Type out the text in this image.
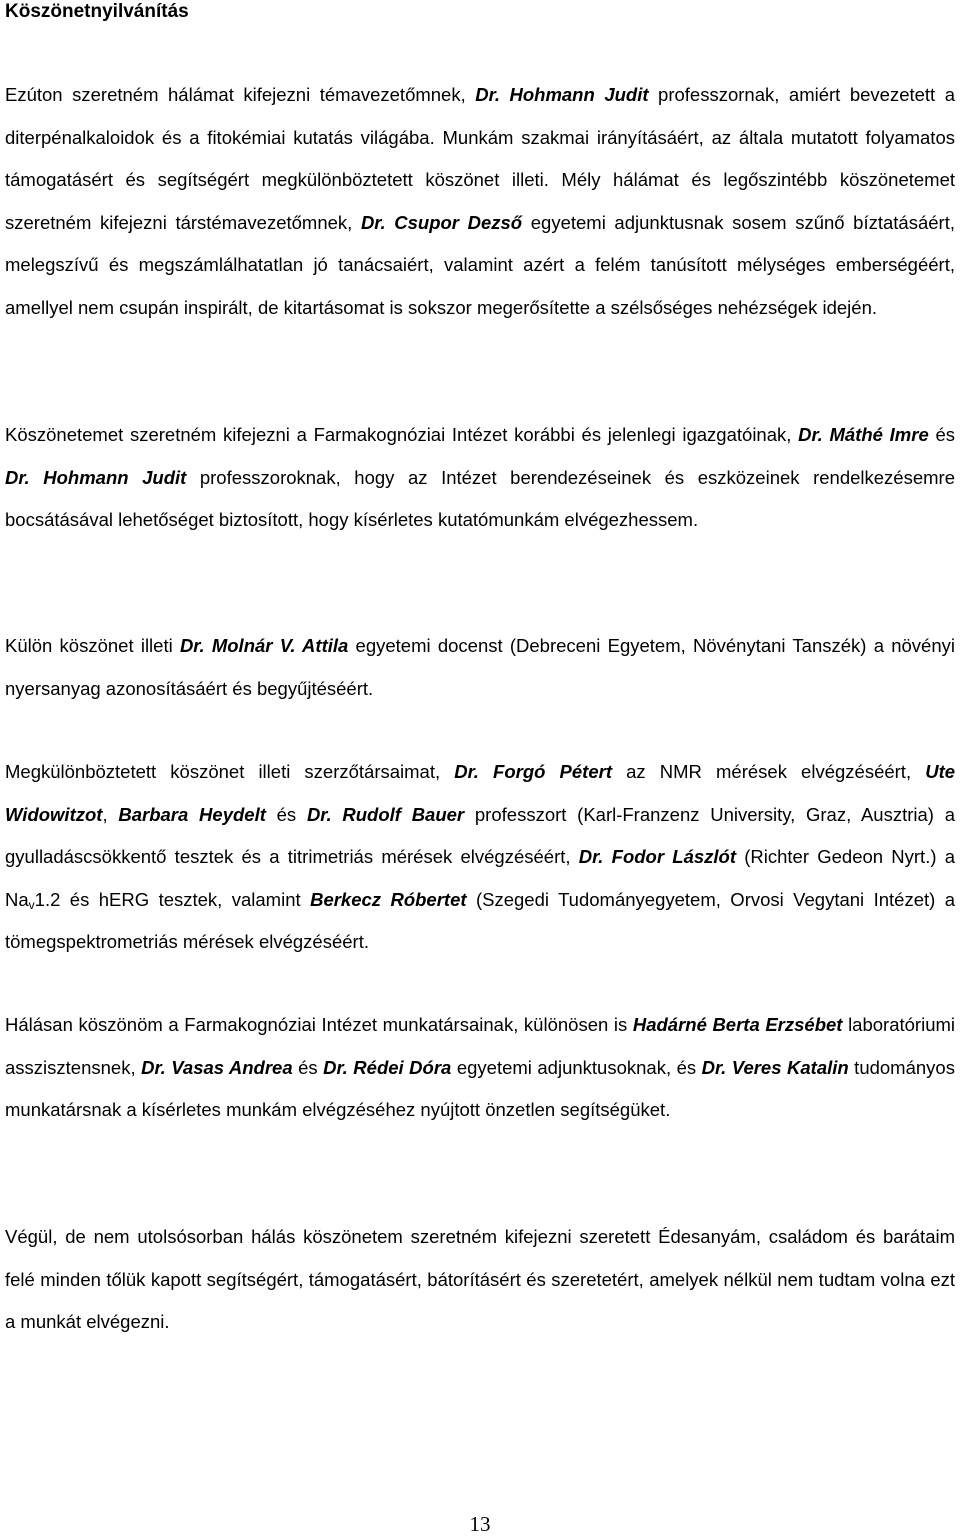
Köszönetnyilvánítás

Ezúton szeretném hálámat kifejezni témavezetőmnek, Dr. Hohmann Judit professzornak, amiért bevezetett a diterpénalkaloidok és a fitokémiai kutatás világába. Munkám szakmai irányításáért, az általa mutatott folyamatos támogatásért és segítségért megkülönböztetett köszönet illeti. Mély hálámat és legőszintébb köszönetemet szeretném kifejezni társtémavezetőmnek, Dr. Csupor Dezső egyetemi adjunktusnak sosem szűnő bíztatásáért, melegszívű és megszámlálhatatlan jó tanácsaiért, valamint azért a felém tanúsított mélységes emberségéért, amellyel nem csupán inspirált, de kitartásomat is sokszor megerősítette a szélsőséges nehézségek idején.

Köszönetemet szeretném kifejezni a Farmakognóziai Intézet korábbi és jelenlegi igazgatóinak, Dr. Máthé Imre és Dr. Hohmann Judit professzoroknak, hogy az Intézet berendezéseinek és eszközeinek rendelkezésemre bocsátásával lehetőséget biztosított, hogy kísérletes kutatómunkám elvégezhessem.

Külön köszönet illeti Dr. Molnár V. Attila egyetemi docenst (Debreceni Egyetem, Növénytani Tanszék) a növényi nyersanyag azonosításáért és begyűjtéséért.

Megkülönböztetett köszönet illeti szerzőtársaimat, Dr. Forgó Pétert az NMR mérések elvégzéséért, Ute Widowitzot, Barbara Heydelt és Dr. Rudolf Bauer professzort (Karl-Franzenz University, Graz, Ausztria) a gyulladáscsökkentő tesztek és a titrimetriás mérések elvégzéséért, Dr. Fodor Lászlót (Richter Gedeon Nyrt.) a $Na_v1.2$ és hERG tesztek, valamint Berkecz Róbertet (Szegedi Tudományegyetem, Orvosi Vegytani Intézet) a tömegspektrometriás mérések elvégzéséért.

Hálásan köszönöm a Farmakognóziai Intézet munkatársainak, különösen is Hadárné Berta Erzsébet laboratóriumi asszisztensnek, Dr. Vasas Andrea és Dr. Rédei Dóra egyetemi adjunktusoknak, és Dr. Veres Katalin tudományos munkatársnak a kísérletes munkám elvégzéséhez nyújtott önzetlen segítségüket.

Végül, de nem utolsósorban hálás köszönetem szeretném kifejezni szeretett Édesanyám, családom és barátaim felé minden tőlük kapott segítségért, támogatásért, bátorításért és szeretetért, amelyek nélkül nem tudtam volna ezt a munkát elvégezni.

13
